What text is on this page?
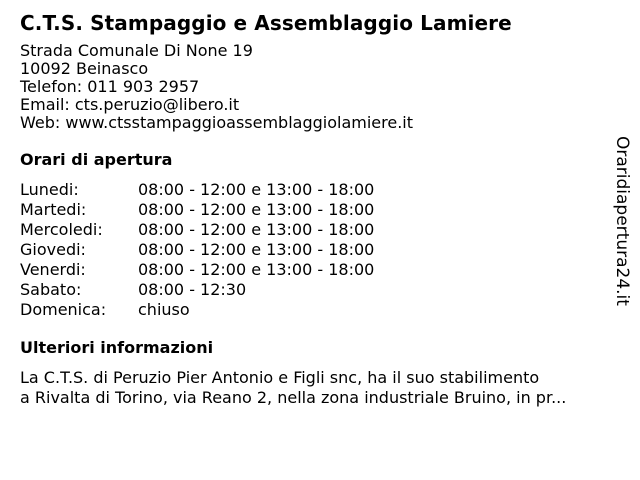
C.T.S. Stampaggio e Assemblaggio Lamiere
Strada Comunale Di None 19
10092 Beinasco
Telefon: 011 903 2957
Email: cts.peruzio@libero.it
Web: www.ctsstampaggioassemblaggiolamiere.it
Orari di apertura
Lunedi:	08:00 - 12:00 e 13:00 - 18:00
Martedi:	08:00 - 12:00 e 13:00 - 18:00
Mercoledi:	08:00 - 12:00 e 13:00 - 18:00
Giovedi:	08:00 - 12:00 e 13:00 - 18:00
Venerdi:	08:00 - 12:00 e 13:00 - 18:00
Sabato:	08:00 - 12:30
Domenica:	chiuso
Ulteriori informazioni
La C.T.S. di Peruzio Pier Antonio e Figli snc, ha il suo stabilimento
a Rivalta di Torino, via Reano 2, nella zona industriale Bruino, in pr...
Oraridiapertura24.it
